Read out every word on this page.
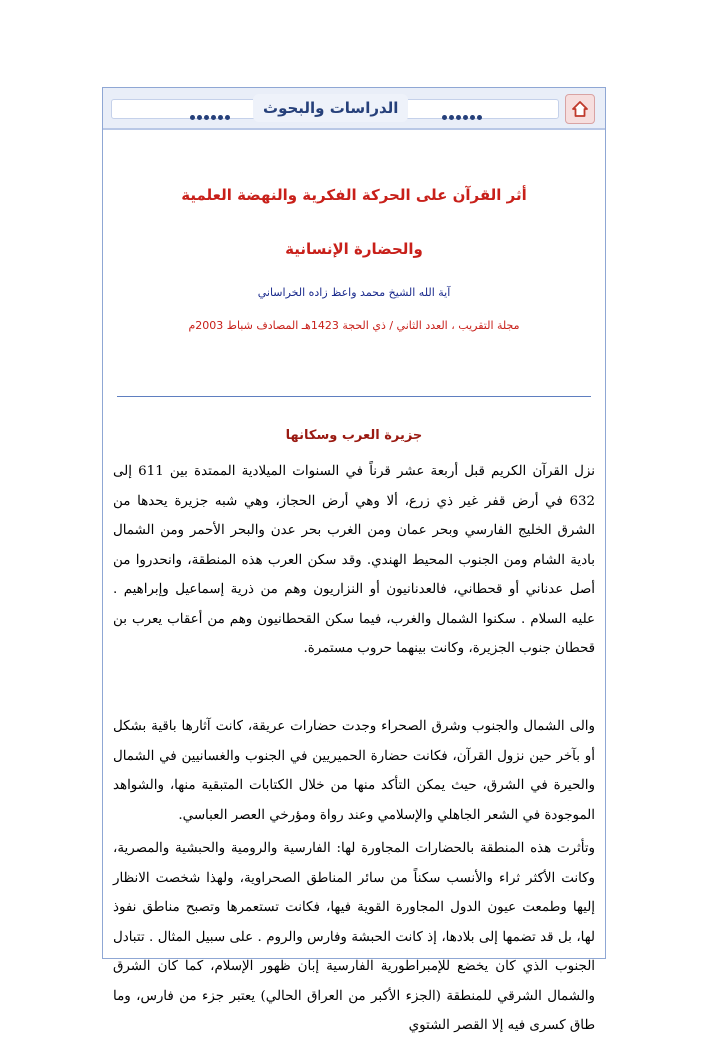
الدراسات والبحوث
أثر القرآن على الحركة الفكرية والنهضة العلمية
والحضارة الإنسانية
آية الله الشيخ محمد واعظ زاده الخراساني
مجلة التقريب ، العدد الثاني / ذي الحجة 1423هـ المصادف شباط 2003م
جزيرة العرب وسكانها

نزل القرآن الكريم قبل أربعة عشر قرناً في السنوات الميلادية الممتدة بين 611 إلى 632 في أرض قفر غير ذي زرع، ألا وهي أرض الحجاز، وهي شبه جزيرة يحدها من الشرق الخليج الفارسي وبحر عمان ومن الغرب بحر عدن والبحر الأحمر ومن الشمال بادية الشام ومن الجنوب المحيط الهندي. وقد سكن العرب هذه المنطقة، وانحدروا من أصل عدناني أو قحطاني، فالعدنانيون أو النزاريون وهم من ذرية إسماعيل وإبراهيم . عليه السلام . سكنوا الشمال والغرب، فيما سكن القحطانيون وهم من أعقاب يعرب بن قحطان جنوب الجزيرة، وكانت بينهما حروب مستمرة.

والى الشمال والجنوب وشرق الصحراء وجدت حضارات عريقة، كانت آثارها باقية بشكل أو بآخر حين نزول القرآن، فكانت حضارة الحميريين في الجنوب والغسانيين في الشمال والحيرة في الشرق، حيث يمكن التأكد منها من خلال الكتابات المتبقية منها، والشواهد الموجودة في الشعر الجاهلي والإسلامي وعند رواة ومؤرخي العصر العباسي.

وتأثرت هذه المنطقة بالحضارات المجاورة لها: الفارسية والرومية والحبشية والمصرية، وكانت الأكثر ثراء والأنسب سكناً من سائر المناطق الصحراوية، ولهذا شخصت الانظار إليها وطمعت عيون الدول المجاورة القوية فيها، فكانت تستعمرها وتصبح مناطق نفوذ لها، بل قد تضمها إلى بلادها، إذ كانت الحبشة وفارس والروم . على سبيل المثال . تتبادل الجنوب الذي كان يخضع للإمبراطورية الفارسية إبان ظهور الإسلام، كما كان الشرق والشمال الشرقي للمنطقة (الجزء الأكبر من العراق الحالي) يعتبر جزء من فارس، وما طاق كسرى فيه إلا القصر الشتوي
